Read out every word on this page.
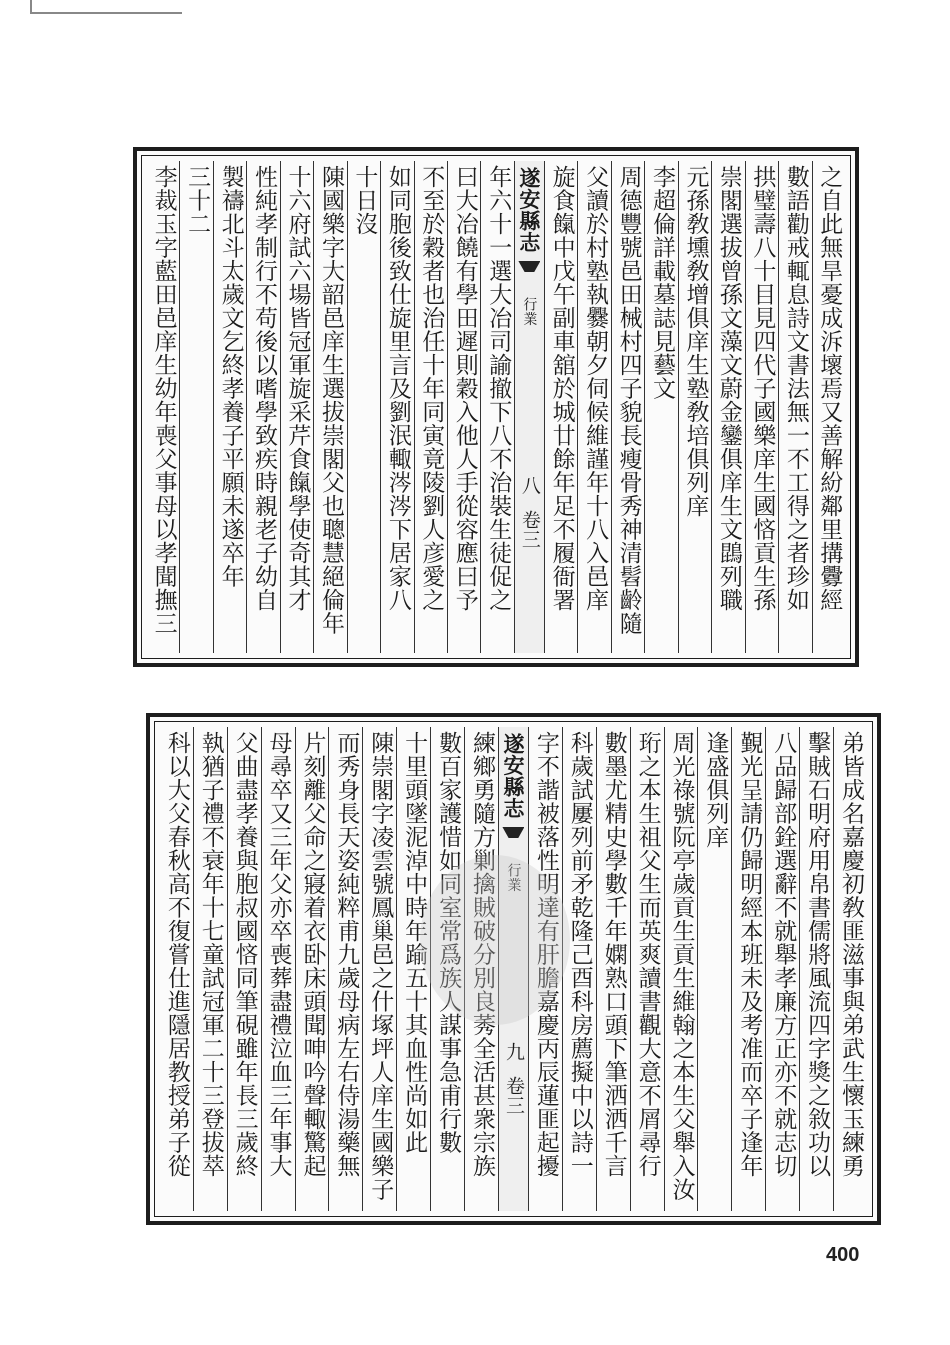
之自此無旱憂成泝壞焉又善解紛鄰里搆釁經
數語勸戒輒息詩文書法無一不工得之者珍如
拱璧壽八十目見四代子國樂庠生國悋貢生孫
崇閣選拔曾孫文藻文蔚金鑾俱庠生文鵾列職
元孫敎壎敎增俱庠生塾敎培俱列庠
李超倫詳載墓誌見藝文
周德豐號邑田械村四子貌長瘦骨秀神清髫齡隨
父讀於村塾執爨朝夕伺候維謹年十八入邑庠
旋食餼中戊午副車舘於城廿餘年足不履衙署
遂安縣志
行業
八
卷三
年六十一選大冶司諭撤下八不治裝生徒促之
曰大冶饒有學田遲則穀入他人手從容應曰予
不至於穀者也治任十年同寅竟陵劉人彦愛之
如同胞後致仕旋里言及劉泯輙涔涔下居家八
十日沒
陳國樂字大韶邑庠生選拔崇閣父也聰慧絕倫年
十六府試六場皆冠軍旋采芹食餼學使奇其才
性純孝制行不苟後以嗜學致疾時親老子幼自
製禱北斗太歲文乞終孝養子平願未遂卒年
三十二
李裁玉字藍田邑庠生幼年喪父事母以孝聞撫三
弟皆成名嘉慶初敎匪滋事與弟武生懷玉練勇
擊賊石明府用帛書儒將風流四字獎之敘功以
八品歸部銓選辭不就舉孝廉方正亦不就志切
覲光呈請仍歸明經本班未及考准而卒子逢年
逢盛俱列庠
周光祿號阮亭歲貢生貢生維翰之本生父舉入汝
珩之本生祖父生而英爽讀書觀大意不屑尋行
數墨尤精史學數千年嫻熟口頭下筆洒洒千言
科歲試屢列前矛乾隆己酉科房薦擬中以詩一
字不諧被落性明達有肝膽嘉慶丙辰蓮匪起擾
遂安縣志
行業
九
卷三
練鄉勇隨方剿擒賊破分別良莠全活甚衆宗族
數百家護惜如同室常爲族人謀事急甫行數
十里頭墜泥淖中時年踰五十其血性尚如此
陳崇閣字凌雲號鳳巢邑之什塚坪人庠生國樂子
而秀身長天姿純粹甫九歲母病左右侍湯藥無
片刻離父命之寢着衣卧床頭聞呻吟聲輙驚起
母尋卒又三年父亦卒喪葬盡禮泣血三年事大
父曲盡孝養與胞叔國悋同筆硯雖年長三歲終
執猶子禮不衰年十七童試冠軍二十三登拔萃
科以大父春秋高不復嘗仕進隱居教授弟子從
400
